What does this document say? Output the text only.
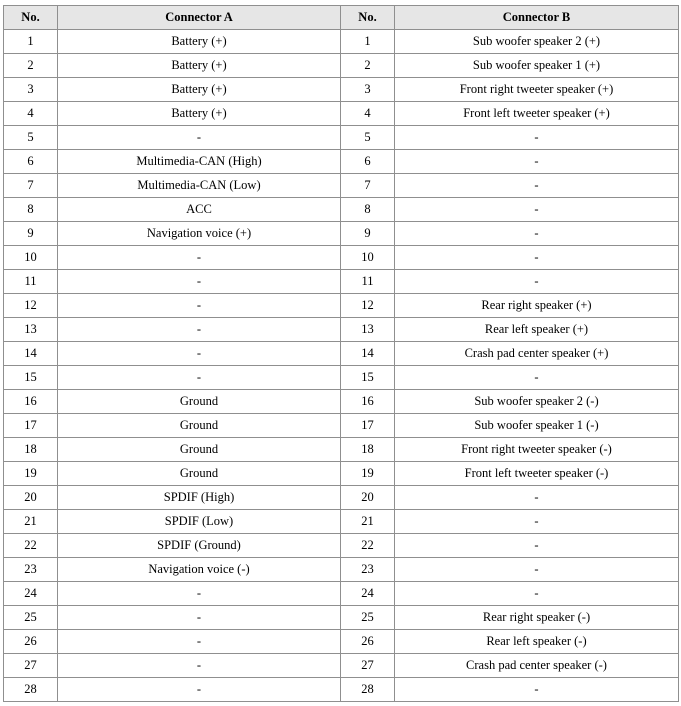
No.	Connector A	No.	Connector B
1	Battery (+)	1	Sub woofer speaker 2 (+)
2	Battery (+)	2	Sub woofer speaker 1 (+)
3	Battery (+)	3	Front right tweeter speaker (+)
4	Battery (+)	4	Front left tweeter speaker (+)
5	-	5	-
6	Multimedia-CAN (High)	6	-
7	Multimedia-CAN (Low)	7	-
8	ACC	8	-
9	Navigation voice (+)	9	-
10	-	10	-
11	-	11	-
12	-	12	Rear right speaker (+)
13	-	13	Rear left speaker (+)
14	-	14	Crash pad center speaker (+)
15	-	15	-
16	Ground	16	Sub woofer speaker 2 (-)
17	Ground	17	Sub woofer speaker 1 (-)
18	Ground	18	Front right tweeter speaker (-)
19	Ground	19	Front left tweeter speaker (-)
20	SPDIF (High)	20	-
21	SPDIF (Low)	21	-
22	SPDIF (Ground)	22	-
23	Navigation voice (-)	23	-
24	-	24	-
25	-	25	Rear right speaker (-)
26	-	26	Rear left speaker (-)
27	-	27	Crash pad center speaker (-)
28	-	28	-
